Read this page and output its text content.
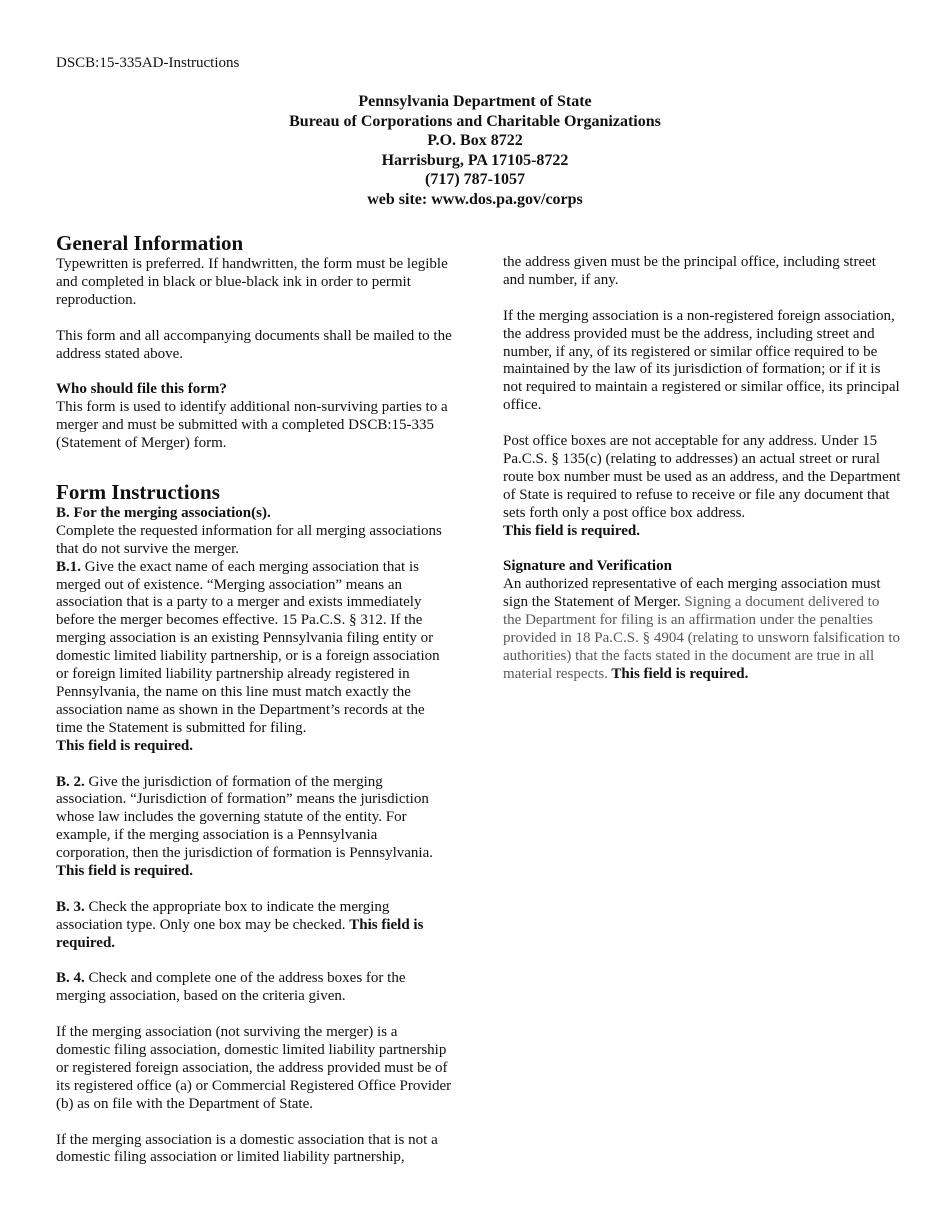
DSCB:15-335AD-Instructions
Pennsylvania Department of State
Bureau of Corporations and Charitable Organizations
P.O. Box 8722
Harrisburg, PA 17105-8722
(717) 787-1057
web site: www.dos.pa.gov/corps
General Information

Typewritten is preferred. If handwritten, the form must be legible and completed in black or blue-black ink in order to permit reproduction.

This form and all accompanying documents shall be mailed to the address stated above.

Who should file this form?

This form is used to identify additional non-surviving parties to a merger and must be submitted with a completed DSCB:15-335 (Statement of Merger) form.

Form Instructions

B. For the merging association(s).

Complete the requested information for all merging associations that do not survive the merger.

B.1. Give the exact name of each merging association that is merged out of existence. “Merging association” means an association that is a party to a merger and exists immediately before the merger becomes effective. 15 Pa.C.S. § 312. If the merging association is an existing Pennsylvania filing entity or domestic limited liability partnership, or is a foreign association or foreign limited liability partnership already registered in Pennsylvania, the name on this line must match exactly the association name as shown in the Department’s records at the time the Statement is submitted for filing.

This field is required.

B. 2. Give the jurisdiction of formation of the merging association. “Jurisdiction of formation” means the jurisdiction whose law includes the governing statute of the entity. For example, if the merging association is a Pennsylvania corporation, then the jurisdiction of formation is Pennsylvania.

This field is required.

B. 3. Check the appropriate box to indicate the merging association type. Only one box may be checked. This field is required.

B. 4. Check and complete one of the address boxes for the merging association, based on the criteria given.

If the merging association (not surviving the merger) is a domestic filing association, domestic limited liability partnership or registered foreign association, the address provided must be of its registered office (a) or Commercial Registered Office Provider (b) as on file with the Department of State.

If the merging association is a domestic association that is not a domestic filing association or limited liability partnership,

the address given must be the principal office, including street and number, if any.

If the merging association is a non-registered foreign association, the address provided must be the address, including street and number, if any, of its registered or similar office required to be maintained by the law of its jurisdiction of formation; or if it is not required to maintain a registered or similar office, its principal office.

Post office boxes are not acceptable for any address. Under 15 Pa.C.S. § 135(c) (relating to addresses) an actual street or rural route box number must be used as an address, and the Department of State is required to refuse to receive or file any document that sets forth only a post office box address.

This field is required.

Signature and Verification

An authorized representative of each merging association must sign the Statement of Merger. Signing a document delivered to the Department for filing is an affirmation under the penalties provided in 18 Pa.C.S. § 4904 (relating to unsworn falsification to authorities) that the facts stated in the document are true in all material respects. This field is required.
